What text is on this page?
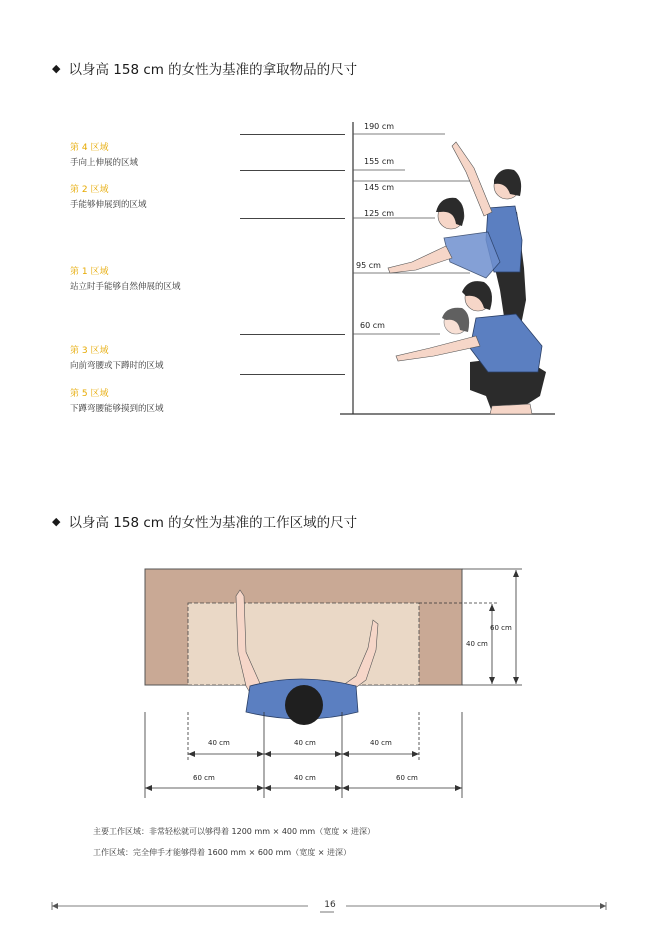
◆ 以身高 158 cm 的女性为基准的拿取物品的尺寸
第 4 区域
手向上伸展的区域
第 2 区域
手能够伸展到的区域
第 1 区域
站立时手能够自然伸展的区域
第 3 区域
向前弯腰或下蹲时的区域
第 5 区域
下蹲弯腰能够摸到的区域
190 cm
155 cm
145 cm
125 cm
95 cm
60 cm
60 cm
40 cm
40 cm	40 cm	40 cm
60 cm	40 cm	60 cm
◆ 以身高 158 cm 的女性为基准的工作区域的尺寸
主要工作区域：非常轻松就可以够得着 1200 mm × 400 mm（宽度 × 进深）
工作区域：完全伸手才能够得着 1600 mm × 600 mm（宽度 × 进深）
16
